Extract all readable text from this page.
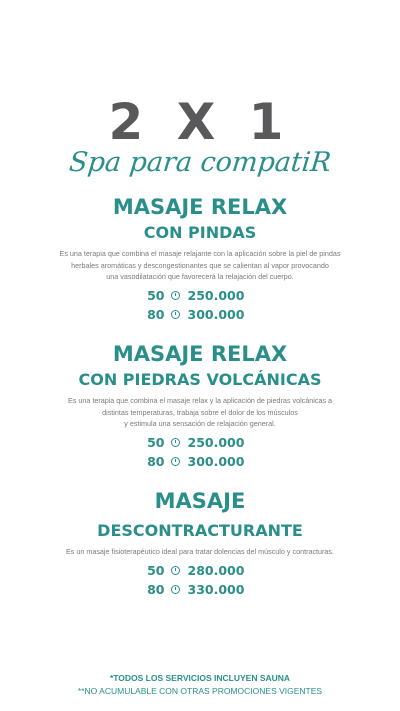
2 X 1
Spa para compatiR
MASAJE RELAX
CON PINDAS
Es una terapia que combina el masaje relajante con la aplicación sobre la piel de pindas
herbales aromáticas y descongestionantes que se calientan al vapor provocando
una vasodilatación que favorecerá la relajación del cuerpo.
50 250.000
80 300.000
MASAJE RELAX
CON PIEDRAS VOLCÁNICAS
Es una terapia que combina el masaje relax y la aplicación de piedras volcánicas a
distintas temperaturas, trabaja sobre el dolor de los músculos
y estimula una sensación de relajación general.
50 250.000
80 300.000
MASAJE
DESCONTRACTURANTE
Es un masaje fisioterapéutico ideal para tratar dolencias del músculo y contracturas.
50 280.000
80 330.000
*TODOS LOS SERVICIOS INCLUYEN SAUNA
**NO ACUMULABLE CON OTRAS PROMOCIONES VIGENTES
